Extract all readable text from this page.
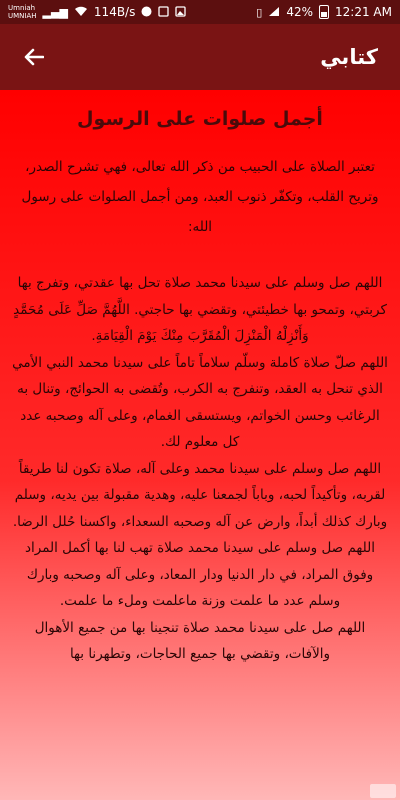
Umniah
UMNIAH ▂▄▆ 114B/s	▯ 42% 12:21 AM
كتابي
أجمل صلوات على الرسول

تعتبر الصلاة على الحبيب من ذكر الله تعالى، فهي تشرح الصدر، وتريح القلب، وتكفّر ذنوب العبد، ومن أجمل الصلوات على رسول الله:

اللهم صل وسلم على سيدنا محمد صلاة تحل بها عقدتي، وتفرج بها كربتي، وتمحو بها خطيئتي، وتقضي بها حاجتي. اللَّهُمَّ صَلِّ عَلَى مُحَمَّدٍ وَأَنْزِلْهُ الْمَنْزِلَ الْمُقَرَّبَ مِنْكَ يَوْمَ الْقِيَامَةِ.

اللهم صلّ صلاة كاملة وسلّم سلاماً تاماً على سيدنا محمد النبي الأمي الذي تنحل به العقد، وتنفرج به الكرب، وتُقضى به الحوائج، وتنال به الرغائب وحسن الخواتم، ويستسقى الغمام، وعلى آله وصحبه عدد كل معلوم لك.

اللهم صل وسلم على سيدنا محمد وعلى آله، صلاة تكون لنا طريقاً لقربه، وتأكيداً لحبه، وباباً لجمعنا عليه، وهدية مقبولة بين يديه، وسلم وبارك كذلك أبداً، وارض عن آله وصحبه السعداء، واكسنا حُلل الرضا.

اللهم صل وسلم على سيدنا محمد صلاة تهب لنا بها أكمل المراد وفوق المراد، في دار الدنيا ودار المعاد، وعلى آله وصحبه وبارك وسلم عدد ما علمت وزنة ماعلمت وملء ما علمت.

اللهم صل على سيدنا محمد صلاة تنجينا بها من جميع الأهوال والآفات، وتقضي بها جميع الحاجات، وتطهرنا بها
